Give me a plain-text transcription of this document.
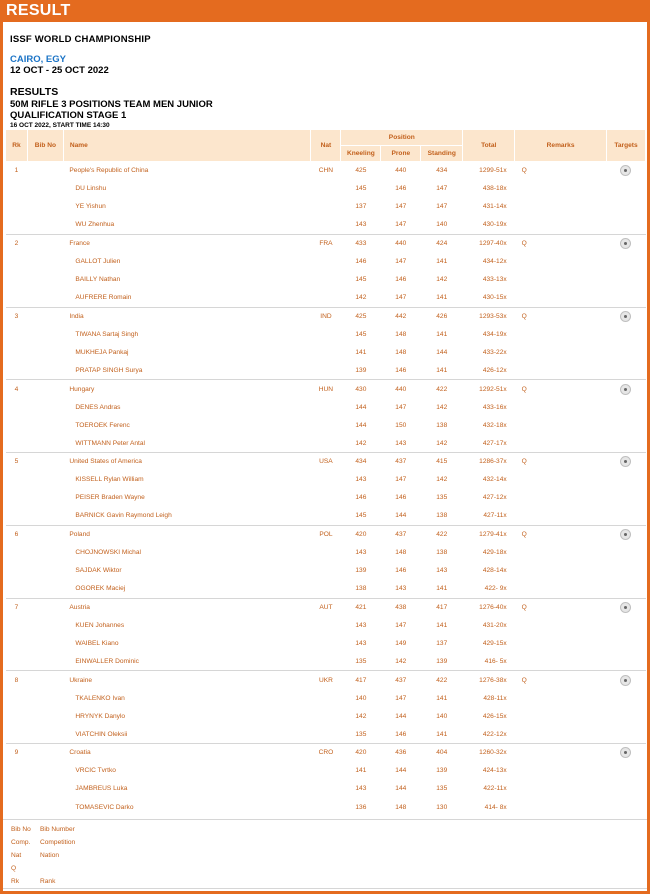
RESULT
ISSF WORLD CHAMPIONSHIP
CAIRO, EGY
12 OCT - 25 OCT 2022
RESULTS
50M RIFLE 3 POSITIONS TEAM MEN JUNIOR
QUALIFICATION STAGE 1
16 OCT 2022, START TIME 14:30
Rk	Bib No	Name	Nat	Position			Total	Remarks	Targets
				Kneeling	Prone	Standing			
1		People's Republic of China	CHN	425	440	434	1299-51x	Q	
		DU Linshu		145	146	147	438-18x		
		YE Yishun		137	147	147	431-14x		
		WU Zhenhua		143	147	140	430-19x		
2		France	FRA	433	440	424	1297-40x	Q	
		GALLOT Julien		146	147	141	434-12x		
		BAILLY Nathan		145	146	142	433-13x		
		AUFRERE Romain		142	147	141	430-15x		
3		India	IND	425	442	426	1293-53x	Q	
		TIWANA Sartaj Singh		145	148	141	434-19x		
		MUKHEJA Pankaj		141	148	144	433-22x		
		PRATAP SINGH Surya		139	146	141	426-12x		
4		Hungary	HUN	430	440	422	1292-51x	Q	
		DENES Andras		144	147	142	433-16x		
		TOEROEK Ferenc		144	150	138	432-18x		
		WITTMANN Peter Antal		142	143	142	427-17x		
5		United States of America	USA	434	437	415	1286-37x	Q	
		KISSELL Rylan William		143	147	142	432-14x		
		PEISER Braden Wayne		146	146	135	427-12x		
		BARNICK Gavin Raymond Leigh		145	144	138	427-11x		
6		Poland	POL	420	437	422	1279-41x	Q	
		CHOJNOWSKI Michal		143	148	138	429-18x		
		SAJDAK Wiktor		139	146	143	428-14x		
		OGOREK Maciej		138	143	141	422- 9x		
7		Austria	AUT	421	438	417	1276-40x	Q	
		KUEN Johannes		143	147	141	431-20x		
		WAIBEL Kiano		143	149	137	429-15x		
		EINWALLER Dominic		135	142	139	416- 5x		
8		Ukraine	UKR	417	437	422	1276-38x	Q	
		TKALENKO Ivan		140	147	141	428-11x		
		HRYNYK Danylo		142	144	140	426-15x		
		VIATCHIN Oleksii		135	146	141	422-12x		
9		Croatia	CRO	420	436	404	1260-32x		
		VRCIC Tvrtko		141	144	139	424-13x		
		JAMBREUS Luka		143	144	135	422-11x		
		TOMASEVIC Darko		136	148	130	414- 8x		
Bib No	Bib Number
Comp.	Competition
Nat	Nation
Q
Rk	Rank
